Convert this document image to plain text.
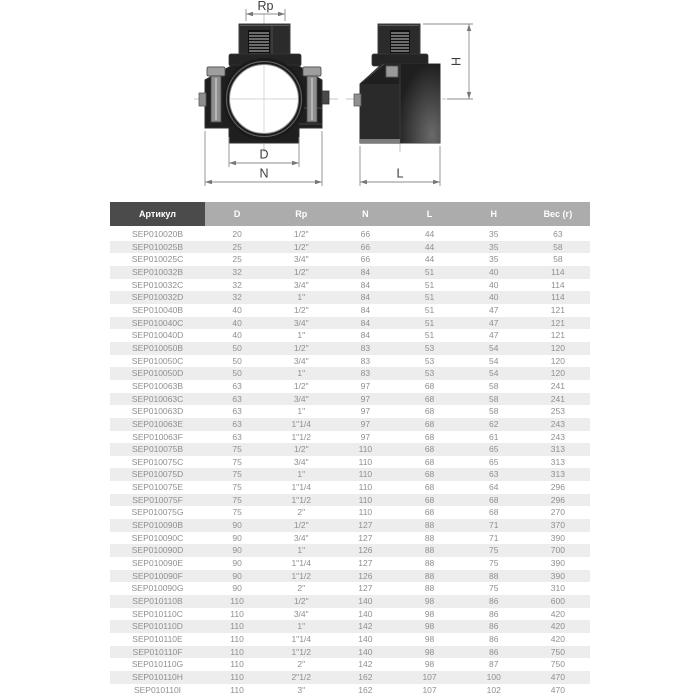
Rp
D
N	L
H
Артикул	D	Rp	N	L	H	Вес (г)
SEP010020B	20	1/2"	66	44	35	63
SEP010025B	25	1/2"	66	44	35	58
SEP010025C	25	3/4"	66	44	35	58
SEP010032B	32	1/2"	84	51	40	114
SEP010032C	32	3/4"	84	51	40	114
SEP010032D	32	1"	84	51	40	114
SEP010040B	40	1/2"	84	51	47	121
SEP010040C	40	3/4"	84	51	47	121
SEP010040D	40	1"	84	51	47	121
SEP010050B	50	1/2"	83	53	54	120
SEP010050C	50	3/4"	83	53	54	120
SEP010050D	50	1"	83	53	54	120
SEP010063B	63	1/2"	97	68	58	241
SEP010063C	63	3/4"	97	68	58	241
SEP010063D	63	1"	97	68	58	253
SEP010063E	63	1"1/4	97	68	62	243
SEP010063F	63	1"1/2	97	68	61	243
SEP010075B	75	1/2"	110	68	65	313
SEP010075C	75	3/4"	110	68	65	313
SEP010075D	75	1"	110	68	63	313
SEP010075E	75	1"1/4	110	68	64	296
SEP010075F	75	1"1/2	110	68	68	296
SEP010075G	75	2"	110	68	68	270
SEP010090B	90	1/2"	127	88	71	370
SEP010090C	90	3/4"	127	88	71	390
SEP010090D	90	1"	126	88	75	700
SEP010090E	90	1"1/4	127	88	75	390
SEP010090F	90	1"1/2	126	88	88	390
SEP010090G	90	2"	127	88	75	310
SEP010110B	110	1/2"	140	98	86	600
SEP010110C	110	3/4"	140	98	86	420
SEP010110D	110	1"	142	98	86	420
SEP010110E	110	1"1/4	140	98	86	420
SEP010110F	110	1"1/2	140	98	86	750
SEP010110G	110	2"	142	98	87	750
SEP010110H	110	2"1/2	162	107	100	470
SEP010110I	110	3"	162	107	102	470
